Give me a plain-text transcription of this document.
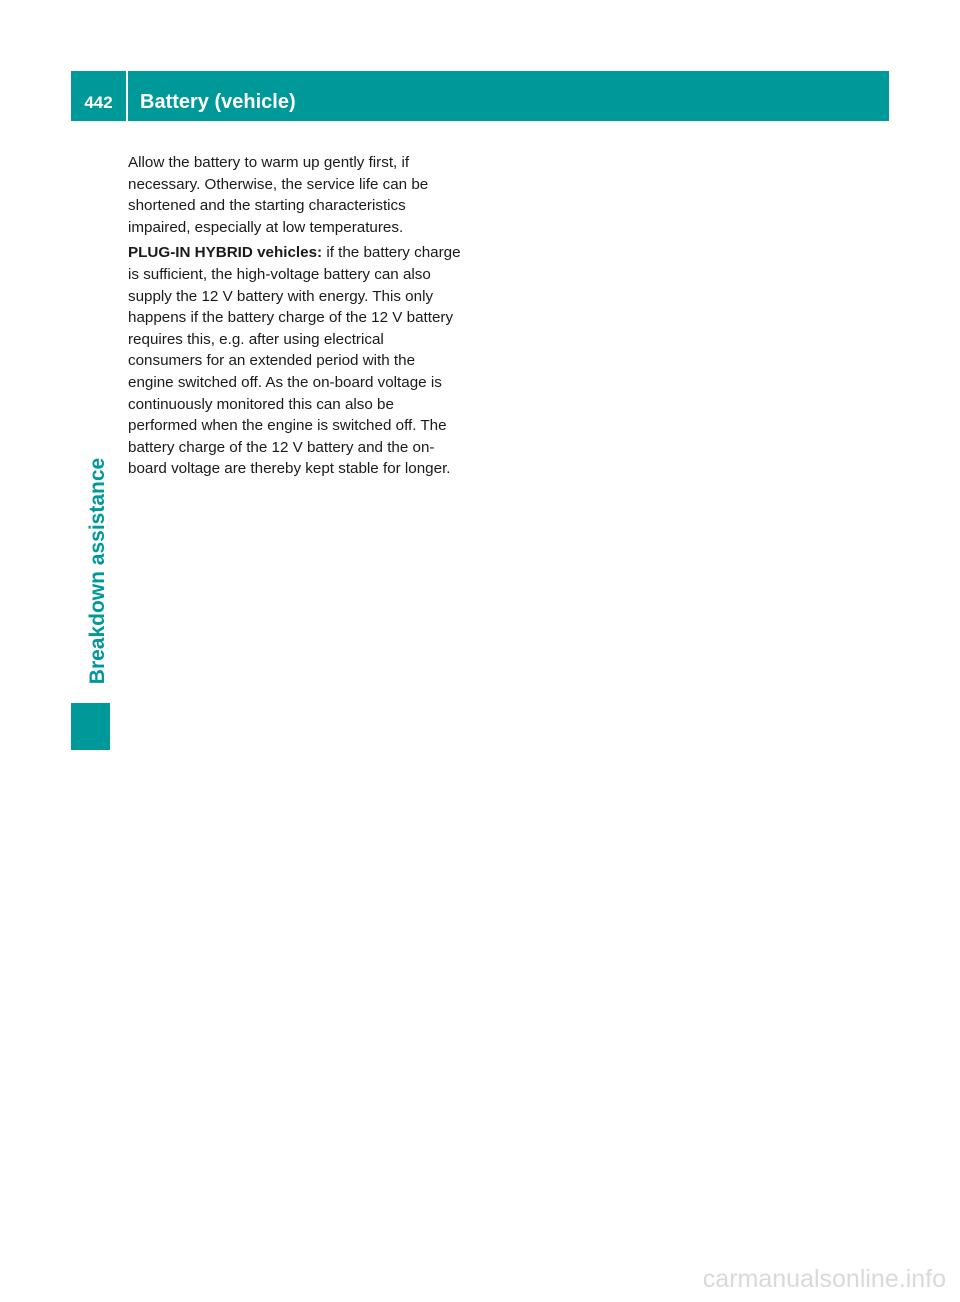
442	Battery (vehicle)
Breakdown assistance

Allow the battery to warm up gently first, if necessary. Otherwise, the service life can be shortened and the starting characteristics impaired, especially at low temperatures.

PLUG-IN HYBRID vehicles: if the battery charge is sufficient, the high-voltage battery can also supply the 12 V battery with energy. This only happens if the battery charge of the 12 V battery requires this, e.g. after using electrical consumers for an extended period with the engine switched off. As the on-board voltage is continuously monitored this can also be performed when the engine is switched off. The battery charge of the 12 V battery and the on-board voltage are thereby kept stable for longer.

carmanualsonline.info
